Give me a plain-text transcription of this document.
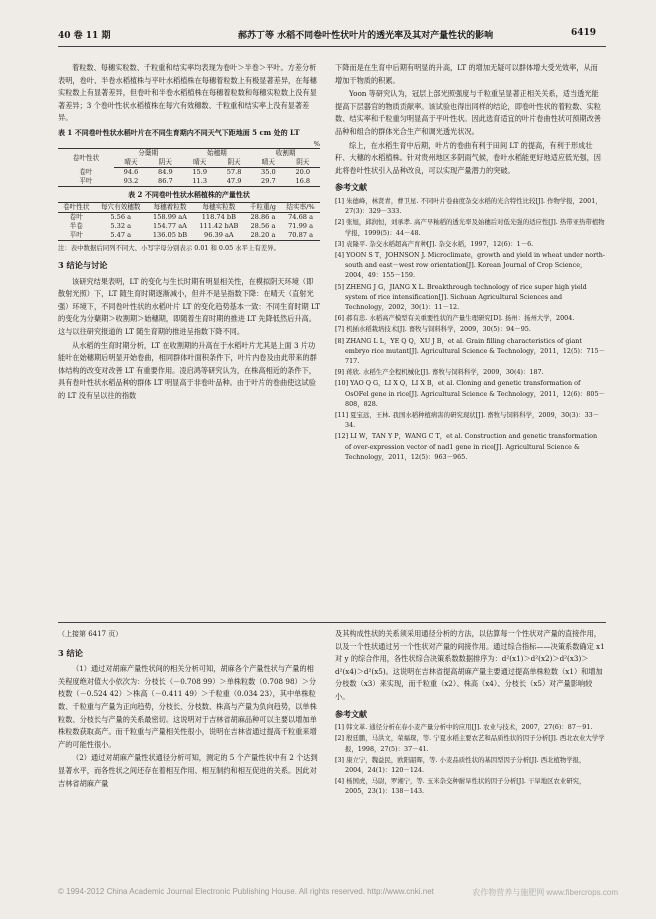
40 卷 11 期	郝苏丁等 水稻不同卷叶性状叶片的透光率及其对产量性状的影响	6419

着粒数、每穗实粒数、千粒重和结实率均表现为卷叶＞半卷＞平叶。方差分析表明，卷叶、半卷水稻植株与平叶水稻植株在每穗着粒数上有极显著差异，在每穗实粒数上有显著差异，但卷叶和半卷水稻植株在每穗着粒数和每穗实粒数上没有显著差异；3 个卷叶性状水稻植株在每穴有效穗数、千粒重和结实率上没有显著差异。

表 1 不同卷叶性状水稻叶片在不同生育期内不同天气下距地面 5 cm 处的 LT
%
卷叶性状	分蘖期		始穗期		收割期	
	晴天	阴天	晴天	阴天	晴天	阴天
卷叶	94.6	84.9	15.9	57.8	35.0	20.0
平叶	93.2	86.7	11.3	47.9	29.7	16.8
表 2 不同卷叶性状水稻植株的产量性状
卷叶性状	每穴有效穗数	每穗着粒数	每穗实粒数	千粒重/g	结实率/%
卷叶	5.56 a	158.99 aA	118.74 bB	28.86 a	74.68 a
半卷	5.32 a	154.77 aA	111.42 bAB	28.56 a	71.99 a
平叶	5.47 a	136.05 bB	96.39 aA	28.20 a	70.87 a
注：表中数据后同列不同大、小写字母分别表示 0.01 和 0.05 水平上有差异。
3 结论与讨论

该研究结果表明，LT 的变化与生长时期有明显相关性，在模拟阴天环境（即散射光照）下，LT 随生育时期逐渐减小，但并不是呈指数下降：在晴天（直射光强）环境下，不同卷叶性状的水稻叶片 LT 的变化趋势基本一致：不同生育时期 LT 的变化为分蘖期＞收割期＞始穗期，即随着生育时期的推进 LT 先降低然后升高。这与以往研究报道的 LT 随生育期的推进呈指数下降不同。

从水稻的生育时期分析，LT 在收割期的升高在于水稻叶片尤其是上面 3 片功能叶在始穗期后明显开始卷曲，相同群体叶面积条件下，叶片内卷及由此带来的群体结构的改变对改善 LT 有重要作用。凌启鸿等研究认为，在株高相近的条件下，具有卷叶性状水稻品种的群体 LT 明显高于非卷叶品种。由于叶片的卷曲使这试验的 LT 没有呈以往的指数

下降而是在生育中后期有明显的升高，LT 的增加无疑可以群体增大受光效率，从而增加干物质的积累。

Yoon 等研究认为，冠层上部光照强度与千粒重呈显著正相关关系，适当透光能提高下层器官的物质贡献率。该试验也得出同样的结论，即卷叶性状的着粒数、实粒数、结实率和千粒重匀明显高于平叶性状。因此选育适宜的叶片卷曲性状可预期改善品种和组合的群体光合生产和调光透光状况。

综上，在水稻生育中后期，叶片的卷曲有利于田间 LT 的提高，有利于形成壮秆、大穗的水稻植株。针对贵州地区多阴雨气候，卷叶水稻能更好地适应低光强，因此将卷叶性状引入品种改良，可以实现产量潜力的突破。

参考文献
[1] 朱德峰，林贤青，曹卫星. 不同叶片卷曲度杂交水稻的光合特性比较[J]. 作物学报，2001，27(3)：329－333.
[2] 张旭，邱润恒，刘承孝. 高产早籼稻的透光率及始穗后对低光强的适应性[J]. 热带亚热带植物学报，1999(5)：44－48.
[3] 袁隆平. 杂交水稻超高产育种[J]. 杂交水稻，1997，12(6)：1－6.
[4] YOON S T，JOHNSON J. Microclimate，growth and yield in wheat under north-south and east－west row orientation[J]. Korean Journal of Crop Science，2004，49：155－159.
[5] ZHENG J G，JIANG X L. Breakthrough technology of rice super high yield system of rice intensification[J]. Sichuan Agricultural Sciences and Technology，2002，30(1)：11－12.
[6] 郝有忠. 水稻高产模型有关重要性状的产量生理研究[D]. 扬州：扬州大学，2004.
[7] 机插水稻栽培技术[J]. 畜牧与饲料科学，2009，30(5)：94－95.
[8] ZHANG L L，YE Q Q，XU J B，et al. Grain filling characteristics of giant embryo rice mutant[J]. Agricultural Science & Technology，2011，12(5)：715－717.
[9] 蒋欣. 水稻生产全程机械化[J]. 畜牧与饲料科学，2009，30(4)：187.
[10] YAO Q G，LI X Q，LI X B，et al. Cloning and genetic transformation of OsOFel gene in rice[J]. Agricultural Science & Technology，2011，12(6)：805－808，828.
[11] 夏宝远，王林. 我国水稻种植病害的研究现状[J]. 畜牧与饲料科学，2009，30(3)：33－34.
[12] LI W，TAN Y P，WANG C T，et al. Construction and genetic transformation of over-expression vector of nad1 gene in rice[J]. Agricultural Science & Technology，2011，12(5)：963－965.
（上接第 6417 页）
3 结论

（1）通过对胡麻产量性状间的相关分析可知，胡麻各个产量性状与产量的相关程度绝对值大小依次为：分枝长（－0.708 99）＞单株粒数（0.708 98）＞分枝数（－0.524 42）＞株高（－0.411 49）＞千粒重（0.034 23），其中单株粒数、千粒重与产量为正向趋势，分枝长、分枝数、株高与产量为负向趋势，以单株粒数、分枝长与产量的关系最密切。这说明对于吉林省胡麻品种可以主要以增加单株粒数获取高产。而千粒重与产量相关性很小，说明在吉林省通过提高千粒重来增产的可能性很小。

（2）通过对胡麻产量性状通径分析可知，测定的 5 个产量性状中有 2 个达到显著水平，而各性状之间还存在着相互作用、相互制约和相互促进的关系。因此对吉林省胡麻产量

及其构成性状的关系须采用通径分析的方法，以估算每一个性状对产量的直接作用，以及一个性状通过另一个性状对产量的间接作用。通过综合指标——决策系数确定 x1 对 y 的综合作用，各性状综合决策系数数据排序为：d²(x1)＞d²(x2)＞d²(x3)＞d²(x4)＞d²(x5)。这说明在吉林省提高胡麻产量主要通过提高单株粒数（x1）和增加分枝数（x3）来实现，而千粒重（x2）、株高（x4）、分枝长（x5）对产量影响较小。

参考文献
[1] 韩文革. 通径分析在春小麦产量分析中的应用[J]. 农业与技术，2007，27(6)：87－91.
[2] 殷廷鹏，马洪文，荣福琛，等. 宁夏水稻主要农艺和品质性状的因子分析[J]. 西北农业大学学报，1998，27(5)：37－41.
[3] 康立宁，魏益民，欧阳韶晖，等. 小麦品质性状的基因型因子分析[J]. 西北植物学报，2004，24(1)：120－124.
[4] 杨国虎，马尉，罗湘宁，等. 玉米杂交种耐旱性状的因子分析[J]. 干旱地区农业研究，2005，23(1)：138－143.
© 1994-2012 China Academic Journal Electronic Publishing House. All rights reserved. http://www.cnki.net	农作物营养与施肥网 www.fibercrops.com
